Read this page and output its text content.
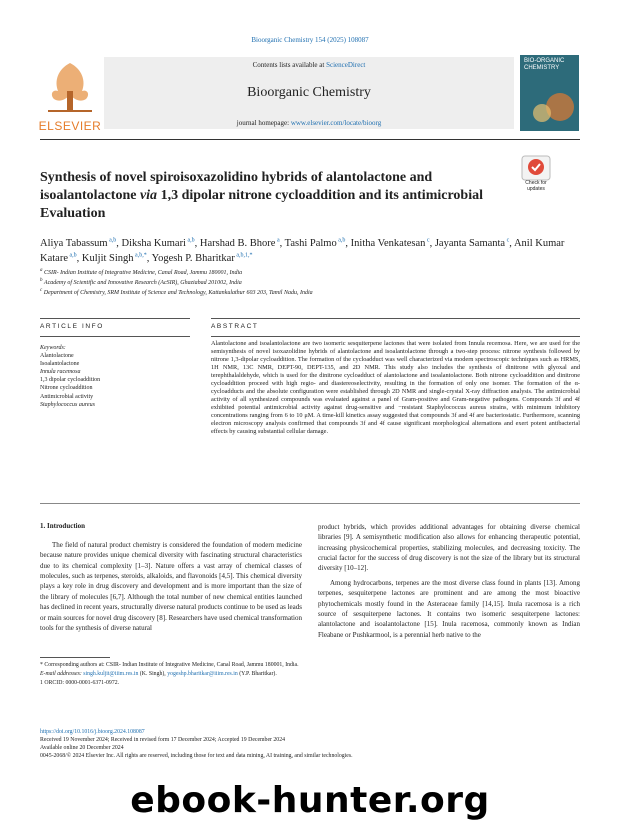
Bioorganic Chemistry 154 (2025) 108087
ELSEVIER
Contents lists available at ScienceDirect
Bioorganic Chemistry
journal homepage: www.elsevier.com/locate/bioorg
BIO-ORGANIC CHEMISTRY
Synthesis of novel spiroisoxazolidino hybrids of alantolactone and isoalantolactone via 1,3 dipolar nitrone cycloaddition and its antimicrobial Evaluation
Check for updates
Aliya Tabassum $^{a,b}$, Diksha Kumari $^{a,b}$, Harshad B. Bhore $^a$, Tashi Palmo $^{a,b}$, Initha Venkatesan $^c$, Jayanta Samanta $^c$, Anil Kumar Katare $^{a,b}$, Kuljit Singh $^{a,b,*}$, Yogesh P. Bharitkar $^{a,b,1,*}$
$^a$ CSIR- Indian Institute of Integrative Medicine, Canal Road, Jammu 180001, India
$^b$ Academy of Scientific and Innovative Research (AcSIR), Ghaziabad 201002, India
$^c$ Department of Chemistry, SRM Institute of Science and Technology, Kattankulathur 603 203, Tamil Nadu, India
ARTICLE INFO	ABSTRACT
Keywords:
Alantolactone
Isoalantolactone
Innula racemosa
1,3 dipolar cycloaddition
Nitrone cycloaddition
Antimicrobial activity
Staphylococcus aureus
Alantolactone and isoalantolactone are two isomeric sesquiterpene lactones that were isolated from Innula recemosa. Here, we are used for the semisynthesis of novel isoxazolidine hybrids of alantolactone and isoalantolactone through a two-step process: nitrone synthesis followed by nitrone 1,3-dipolar cycloaddition. The formation of the cycloadduct was well characterized via modern spectroscopic techniques such as HRMS, 1H NMR, 13C NMR, DEPT-90, DEPT-135, and 2D NMR. This study also includes the synthesis of dinitrone with glyoxal and terephthalaldehyde, which is used for the dinitrone cycloadduct of alantolactone and isoalantolactone. Both nitrone cycloaddition and dinitrone cycloaddition proceed with high regio- and diastereoselectivity, resulting in the formation of only one isomer. The formation of the α-cycloadducts and the absolute configuration were established through 2D NMR and single-crystal X-ray diffraction analysis. The antimicrobial activity of all synthesized compounds was evaluated against a panel of Gram-positive and Gram-negative pathogens. Compounds 3f and 4f exhibited potential antimicrobial activity against drug-sensitive and −resistant Staphylococcus aureus strains, with minimum inhibitory concentrations ranging from 6 to 10 μM. A time-kill kinetics assay suggested that compounds 3f and 4f are bacteriostatic. Furthermore, scanning electron microscopy analysis confirmed that compounds 3f and 4f cause significant morphological alternations and exert potent antibacterial effects by causing substantial cellular damage.
1. Introduction
The field of natural product chemistry is considered the foundation of modern medicine because nature provides unique chemical diversity with fascinating structural characteristics due to its chemical complexity [1–3]. Nature offers a vast array of chemical classes of molecules, such as terpenes, steroids, alkaloids, and flavonoids [4,5]. This chemical diversity plays a key role in drug discovery and development and is more important than the size of the library of molecules [6,7]. Although the total number of new chemical entities launched has declined in recent years, structurally diverse natural products continue to be used as leads or main sources for novel drug discovery [8]. Researchers have used chemical transformation tools for the synthesis of diverse natural
product hybrids, which provides additional advantages for obtaining diverse chemical libraries [9]. A semisynthetic modification also allows for enhancing therapeutic potential, increasing physicochemical properties, stabilizing molecules, and decreasing toxicity. The crucial factor for the success of drug discovery is not the size of the library but its structural diversity [10–12].
Among hydrocarbons, terpenes are the most diverse class found in plants [13]. Among terpenes, sesquiterpene lactones are prominent and are among the most bioactive phytochemicals mostly found in the Asteraceae family [14,15]. Inula racemosa is a rich source of sesquiterpene lactones. It contains two isomeric sesquiterpene lactones: alantolactone and isoalantolactone [15]. Inula racemosa, commonly known as Indian Fleabane or Pushkarmool, is a perennial herb native to the
* Corresponding authors at: CSIR- Indian Institute of Integrative Medicine, Canal Road, Jammu 180001, India.
E-mail addresses: singh.kuljit@iiim.res.in (K. Singh), yogeshp.bharitkar@iiim.res.in (Y.P. Bharitkar).
1 ORCID: 0000-0001-6371-0972.
https://doi.org/10.1016/j.bioorg.2024.108087
Received 19 November 2024; Received in revised form 17 December 2024; Accepted 19 December 2024
Available online 20 December 2024
0045-2068/© 2024 Elsevier Inc. All rights are reserved, including those for text and data mining, AI training, and similar technologies.
ebook-hunter.org
